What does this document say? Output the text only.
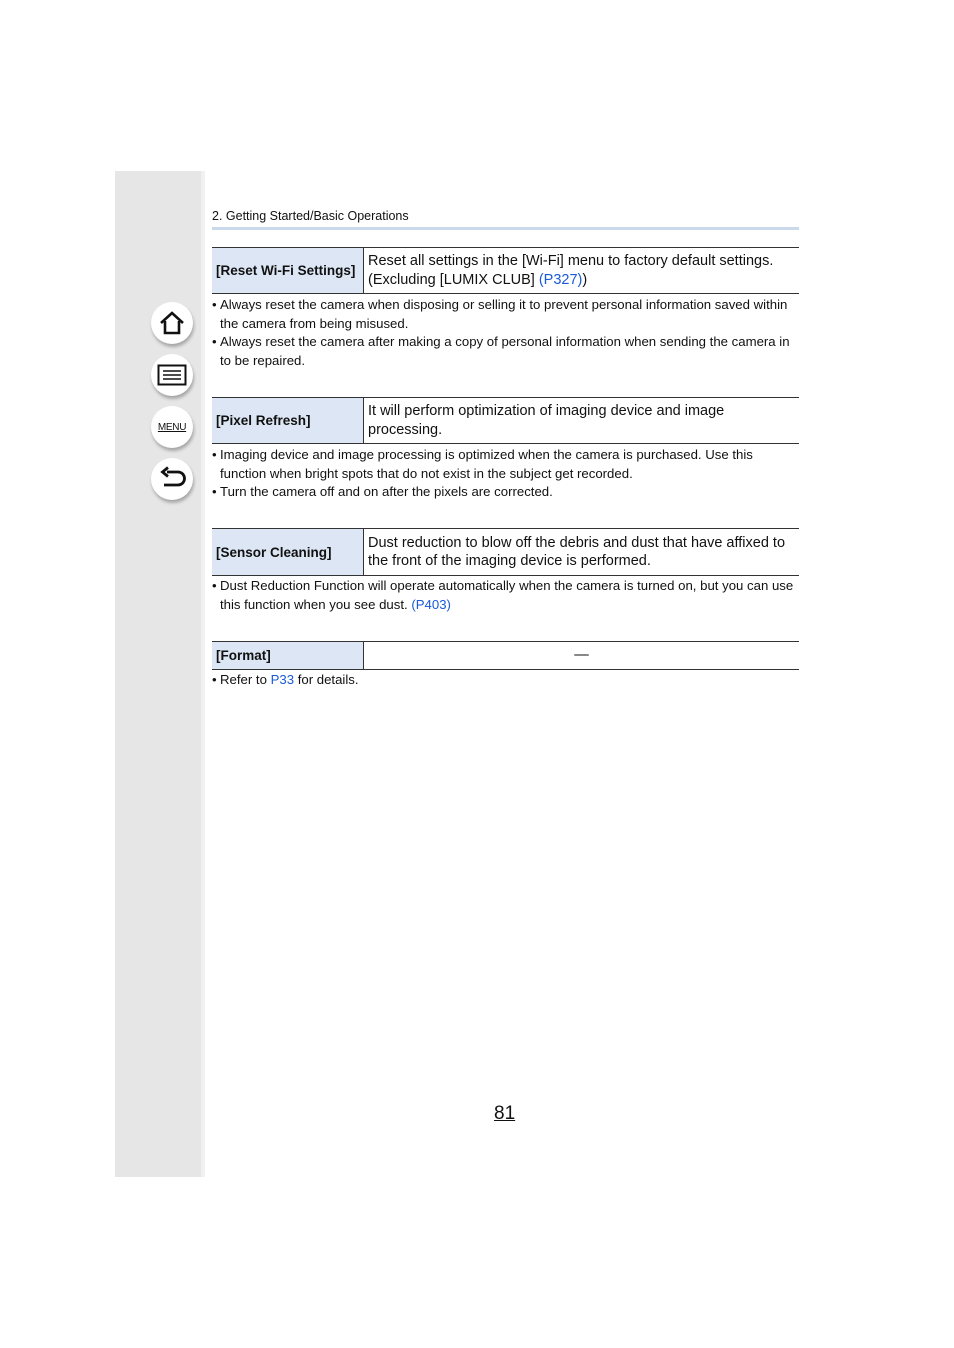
MENU
2. Getting Started/Basic Operations
[Reset Wi-Fi Settings]
Reset all settings in the [Wi-Fi] menu to factory default settings. (Excluding [LUMIX CLUB] (P327))
• Always reset the camera when disposing or selling it to prevent personal information saved within the camera from being misused.
• Always reset the camera after making a copy of personal information when sending the camera in to be repaired.
[Pixel Refresh]
It will perform optimization of imaging device and image processing.
• Imaging device and image processing is optimized when the camera is purchased. Use this function when bright spots that do not exist in the subject get recorded.
• Turn the camera off and on after the pixels are corrected.
[Sensor Cleaning]
Dust reduction to blow off the debris and dust that have affixed to the front of the imaging device is performed.
• Dust Reduction Function will operate automatically when the camera is turned on, but you can use this function when you see dust. (P403)
[Format]	—
• Refer to P33 for details.
81
